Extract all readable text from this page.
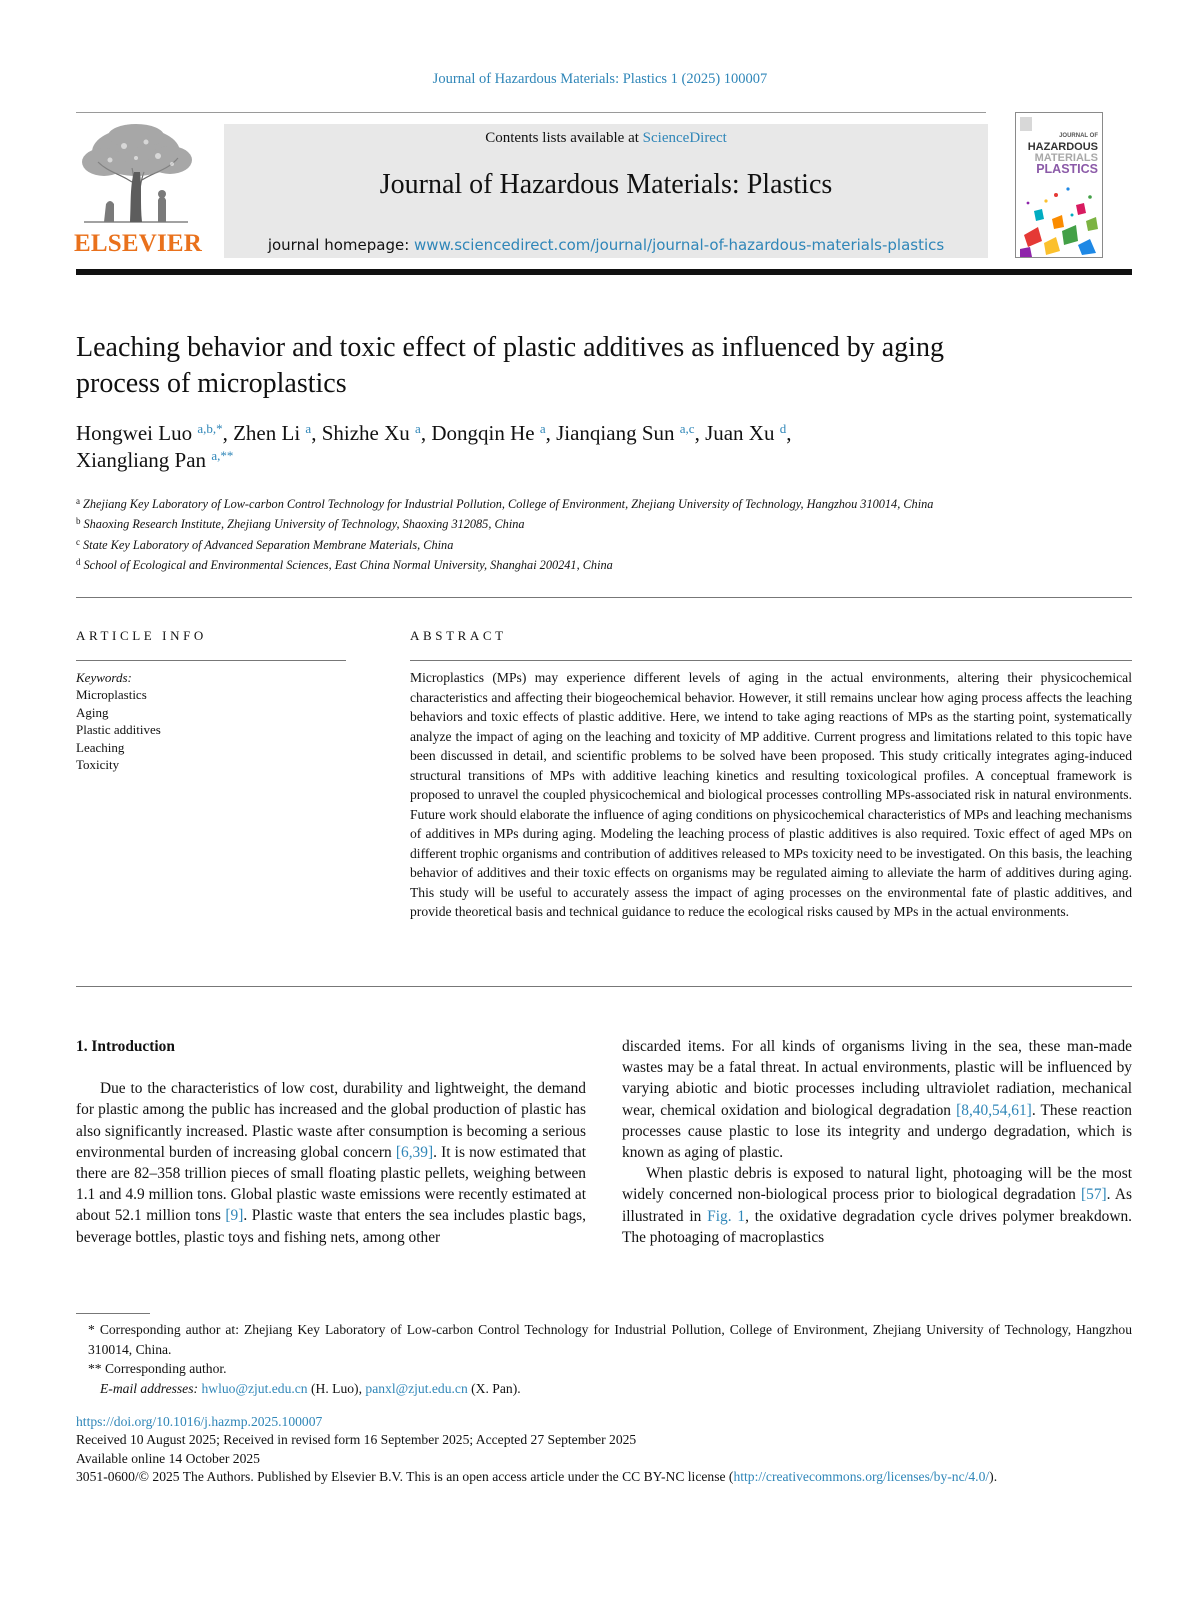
Journal of Hazardous Materials: Plastics 1 (2025) 100007
ELSEVIER
Contents lists available at ScienceDirect
Journal of Hazardous Materials: Plastics
journal homepage: www.sciencedirect.com/journal/journal-of-hazardous-materials-plastics
JOURNAL OF
HAZARDOUS
MATERIALS
PLASTICS
Leaching behavior and toxic effect of plastic additives as influenced by aging process of microplastics
Hongwei Luo $^{a,b,*}$, Zhen Li $^a$, Shizhe Xu $^a$, Dongqin He $^a$, Jianqiang Sun $^{a,c}$, Juan Xu $^d$,
Xiangliang Pan $^{a,**}$

$^a$ Zhejiang Key Laboratory of Low-carbon Control Technology for Industrial Pollution, College of Environment, Zhejiang University of Technology, Hangzhou 310014, China

$^b$ Shaoxing Research Institute, Zhejiang University of Technology, Shaoxing 312085, China

$^c$ State Key Laboratory of Advanced Separation Membrane Materials, China

$^d$ School of Ecological and Environmental Sciences, East China Normal University, Shanghai 200241, China

ARTICLE INFO
Keywords:
Microplastics
Aging
Plastic additives
Leaching
Toxicity
ABSTRACT
Microplastics (MPs) may experience different levels of aging in the actual environments, altering their physicochemical characteristics and affecting their biogeochemical behavior. However, it still remains unclear how aging process affects the leaching behaviors and toxic effects of plastic additive. Here, we intend to take aging reactions of MPs as the starting point, systematically analyze the impact of aging on the leaching and toxicity of MP additive. Current progress and limitations related to this topic have been discussed in detail, and scientific problems to be solved have been proposed. This study critically integrates aging-induced structural transitions of MPs with additive leaching kinetics and resulting toxicological profiles. A conceptual framework is proposed to unravel the coupled physicochemical and biological processes controlling MPs-associated risk in natural environments. Future work should elaborate the influence of aging conditions on physicochemical characteristics of MPs and leaching mechanisms of additives in MPs during aging. Modeling the leaching process of plastic additives is also required. Toxic effect of aged MPs on different trophic organisms and contribution of additives released to MPs toxicity need to be investigated. On this basis, the leaching behavior of additives and their toxic effects on organisms may be regulated aiming to alleviate the harm of additives during aging. This study will be useful to accurately assess the impact of aging processes on the environmental fate of plastic additives, and provide theoretical basis and technical guidance to reduce the ecological risks caused by MPs in the actual environments.
1. Introduction

Due to the characteristics of low cost, durability and lightweight, the demand for plastic among the public has increased and the global production of plastic has also significantly increased. Plastic waste after consumption is becoming a serious environmental burden of increasing global concern [6,39]. It is now estimated that there are 82–358 trillion pieces of small floating plastic pellets, weighing between 1.1 and 4.9 million tons. Global plastic waste emissions were recently estimated at about 52.1 million tons [9]. Plastic waste that enters the sea includes plastic bags, beverage bottles, plastic toys and fishing nets, among other

discarded items. For all kinds of organisms living in the sea, these man-made wastes may be a fatal threat. In actual environments, plastic will be influenced by varying abiotic and biotic processes including ultraviolet radiation, mechanical wear, chemical oxidation and biological degradation [8,40,54,61]. These reaction processes cause plastic to lose its integrity and undergo degradation, which is known as aging of plastic.

When plastic debris is exposed to natural light, photoaging will be the most widely concerned non-biological process prior to biological degradation [57]. As illustrated in Fig. 1, the oxidative degradation cycle drives polymer breakdown. The photoaging of macroplastics

* Corresponding author at: Zhejiang Key Laboratory of Low-carbon Control Technology for Industrial Pollution, College of Environment, Zhejiang University of Technology, Hangzhou 310014, China.

** Corresponding author.

E-mail addresses: hwluo@zjut.edu.cn (H. Luo), panxl@zjut.edu.cn (X. Pan).

https://doi.org/10.1016/j.hazmp.2025.100007

Received 10 August 2025; Received in revised form 16 September 2025; Accepted 27 September 2025

Available online 14 October 2025

3051-0600/© 2025 The Authors. Published by Elsevier B.V. This is an open access article under the CC BY-NC license (http://creativecommons.org/licenses/by-nc/4.0/).
